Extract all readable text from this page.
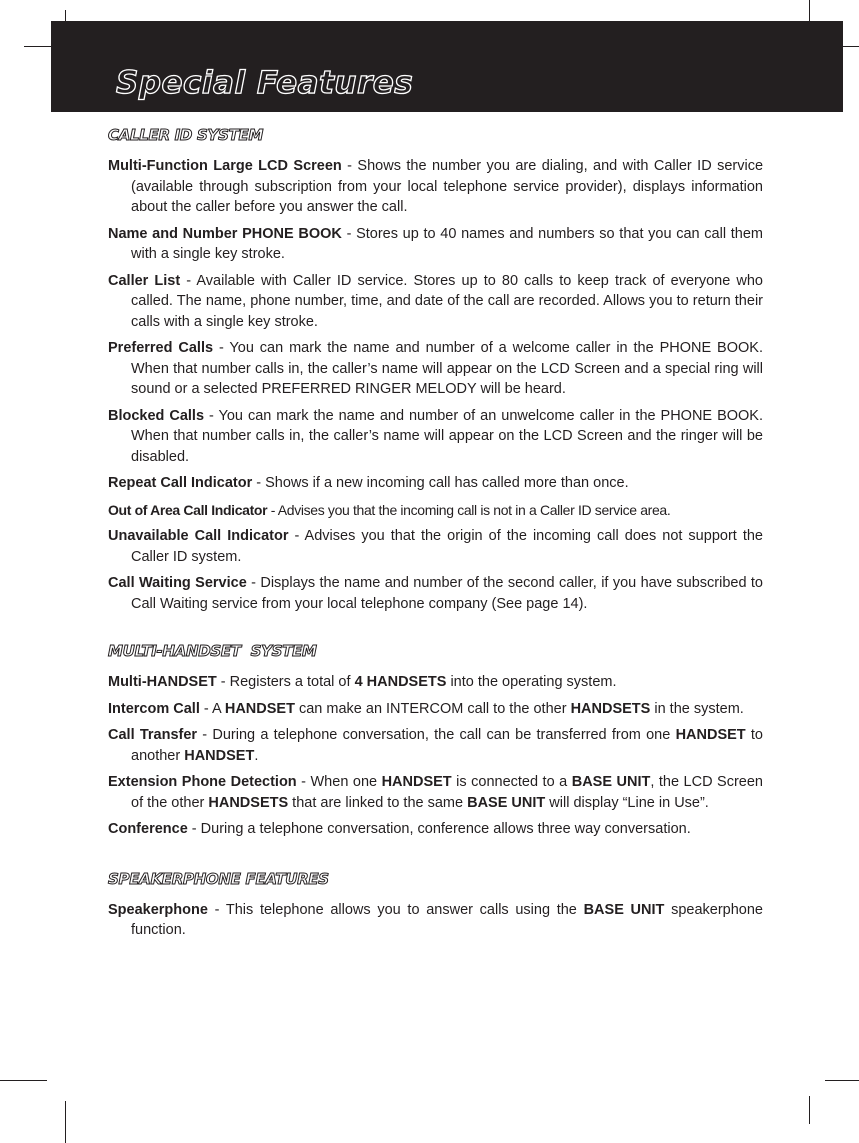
Special Features
CALLER ID SYSTEM

Multi-Function Large LCD Screen - Shows the number you are dialing, and with Caller ID service (available through subscription from your local telephone service provider), displays information about the caller before you answer the call.

Name and Number PHONE BOOK - Stores up to 40 names and numbers so that you can call them with a single key stroke.

Caller List - Available with Caller ID service. Stores up to 80 calls to keep track of everyone who called. The name, phone number, time, and date of the call are recorded. Allows you to return their calls with a single key stroke.

Preferred Calls - You can mark the name and number of a welcome caller in the PHONE BOOK. When that number calls in, the caller’s name will appear on the LCD Screen and a special ring will sound or a selected PREFERRED RINGER MELODY will be heard.

Blocked Calls - You can mark the name and number of an unwelcome caller in the PHONE BOOK. When that number calls in, the caller’s name will appear on the LCD Screen and the ringer will be disabled.

Repeat Call Indicator - Shows if a new incoming call has called more than once.

Out of Area Call Indicator - Advises you that the incoming call is not in a Caller ID service area.

Unavailable Call Indicator - Advises you that the origin of the incoming call does not support the Caller ID system.

Call Waiting Service - Displays the name and number of the second caller, if you have subscribed to Call Waiting service from your local telephone company (See page 14).

MULTI-HANDSET  SYSTEM

Multi-HANDSET - Registers a total of 4 HANDSETS into the operating system.

Intercom Call - A HANDSET can make an INTERCOM call to the other HANDSETS in the system.

Call Transfer - During a telephone conversation, the call can be transferred from one HANDSET to another HANDSET.

Extension Phone Detection - When one HANDSET is connected to a BASE UNIT, the LCD Screen of the other HANDSETS that are linked to the same BASE UNIT will display “Line in Use”.

Conference - During a telephone conversation, conference allows three way conversation.

SPEAKERPHONE FEATURES

Speakerphone - This telephone allows you to answer calls using the BASE UNIT speakerphone function.
